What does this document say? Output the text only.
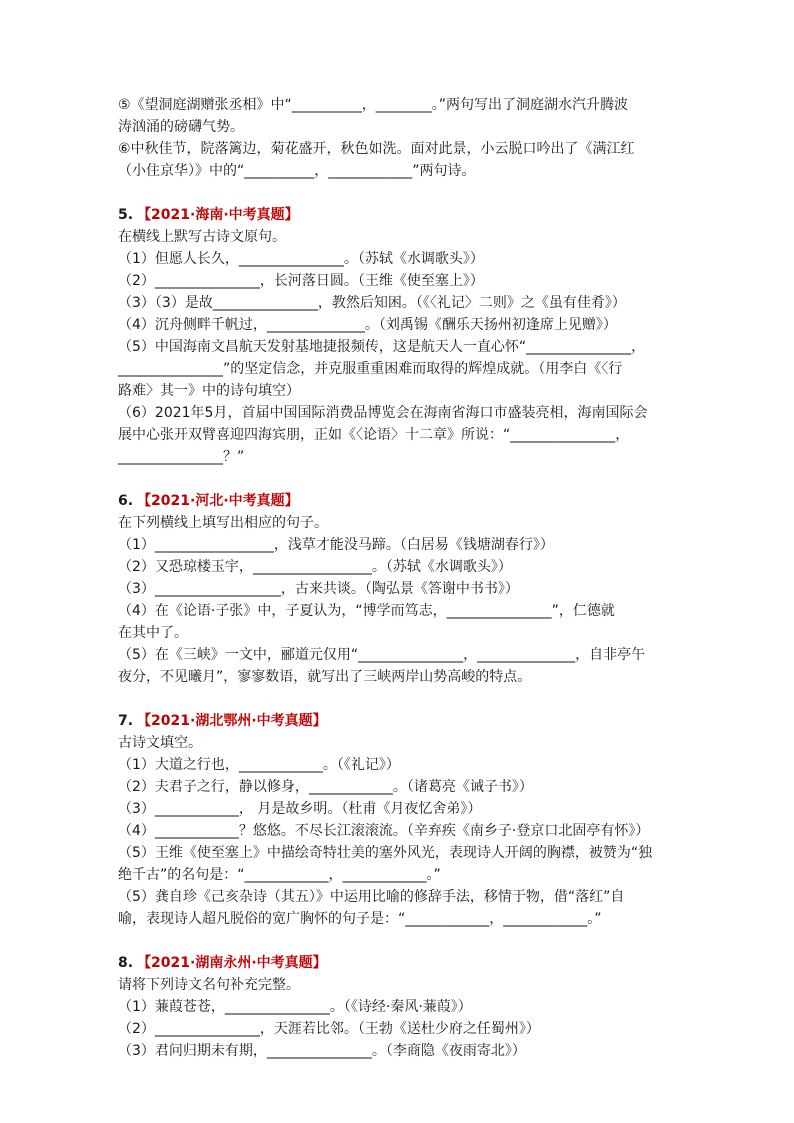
⑤《望洞庭湖赠张丞相》中“__________，________。”两句写出了洞庭湖水汽升腾波
涛汹涌的磅礴气势。
⑥中秋佳节，院落篱边，菊花盛开，秋色如洗。面对此景，小云脱口吟出了《满江红
（小住京华）》中的“__________，____________”两句诗。
5. 【2021·海南·中考真题】
在横线上默写古诗文原句。
（1）但愿人长久，_______________。（苏轼《水调歌头》）
（2）_______________，长河落日圆。（王维《使至塞上》）
（3）（3）是故_______________，教然后知困。（《〈礼记〉二则》之《虽有佳肴》）
（4）沉舟侧畔千帆过，______________。（刘禹锡《酬乐天扬州初逢席上见赠》）
（5）中国海南文昌航天发射基地捷报频传，这是航天人一直心怀“_______________，
_______________”的坚定信念，并克服重重困难而取得的辉煌成就。（用李白《〈行
路难〉其一》中的诗句填空）
（6）2021年5月，首届中国国际消费品博览会在海南省海口市盛装亮相，海南国际会
展中心张开双臂喜迎四海宾朋，正如《〈论语〉十二章》所说：“_______________，
_______________？”
6. 【2021·河北·中考真题】
在下列横线上填写出相应的句子。
（1）_________________，浅草才能没马蹄。（白居易《钱塘湖春行》）
（2）又恐琼楼玉宇，_________________。（苏轼《水调歌头》）
（3）__________________，古来共谈。（陶弘景《答谢中书书》）
（4）在《论语·子张》中，子夏认为，“博学而笃志，_______________”，仁德就
在其中了。
（5）在《三峡》一文中，郦道元仅用“_______________，______________，自非亭午
夜分，不见曦月”，寥寥数语，就写出了三峡两岸山势高峻的特点。
7. 【2021·湖北鄂州·中考真题】
古诗文填空。
（1）大道之行也，____________。（《礼记》）
（2）夫君子之行，静以修身，____________。（诸葛亮《诫子书》）
（3）____________， 月是故乡明。（杜甫《月夜忆舍弟》）
（4）____________？悠悠。不尽长江滚滚流。（辛弃疾《南乡子·登京口北固亭有怀》）
（5）王维《使至塞上》中描绘奇特壮美的塞外风光，表现诗人开阔的胸襟，被赞为“独
绝千古”的名句是：“____________，____________。”
（5）龚自珍《己亥杂诗（其五）》中运用比喻的修辞手法，移情于物，借“落红”自
喻，表现诗人超凡脱俗的宽广胸怀的句子是：“____________，____________。”
8. 【2021·湖南永州·中考真题】
请将下列诗文名句补充完整。
（1）蒹葭苍苍，_______________。（《诗经·秦风·蒹葭》）
（2）_______________，天涯若比邻。（王勃《送杜少府之任蜀州》）
（3）君问归期未有期，_______________。（李商隐《夜雨寄北》）
